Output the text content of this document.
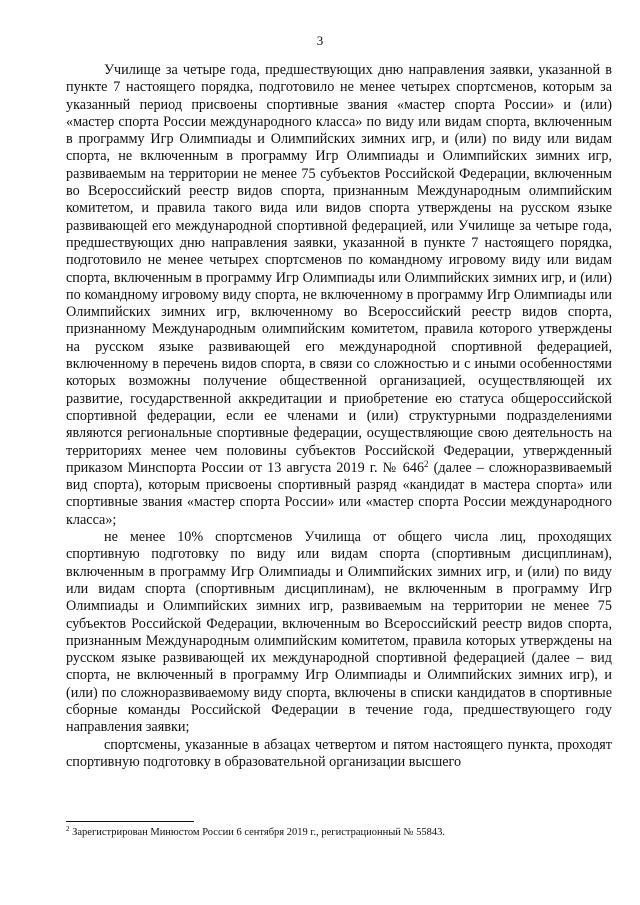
3

Училище за четыре года, предшествующих дню направления заявки, указанной в пункте 7 настоящего порядка, подготовило не менее четырех спортсменов, которым за указанный период присвоены спортивные звания «мастер спорта России» и (или) «мастер спорта России международного класса» по виду или видам спорта, включенным в программу Игр Олимпиады и Олимпийских зимних игр, и (или) по виду или видам спорта, не включенным в программу Игр Олимпиады и Олимпийских зимних игр, развиваемым на территории не менее 75 субъектов Российской Федерации, включенным во Всероссийский реестр видов спорта, признанным Международным олимпийским комитетом, и правила такого вида или видов спорта утверждены на русском языке развивающей его международной спортивной федерацией, или Училище за четыре года, предшествующих дню направления заявки, указанной в пункте 7 настоящего порядка, подготовило не менее четырех спортсменов по командному игровому виду или видам спорта, включенным в программу Игр Олимпиады или Олимпийских зимних игр, и (или) по командному игровому виду спорта, не включенному в программу Игр Олимпиады или Олимпийских зимних игр, включенному во Всероссийский реестр видов спорта, признанному Международным олимпийским комитетом, правила которого утверждены на русском языке развивающей его международной спортивной федерацией, включенному в перечень видов спорта, в связи со сложностью и с иными особенностями которых возможны получение общественной организацией, осуществляющей их развитие, государственной аккредитации и приобретение ею статуса общероссийской спортивной федерации, если ее членами и (или) структурными подразделениями являются региональные спортивные федерации, осуществляющие свою деятельность на территориях менее чем половины субъектов Российской Федерации, утвержденный приказом Минспорта России от 13 августа 2019 г. № $646^2$ (далее – сложноразвиваемый вид спорта), которым присвоены спортивный разряд «кандидат в мастера спорта» или спортивные звания «мастер спорта России» или «мастер спорта России международного класса»;

не менее 10% спортсменов Училища от общего числа лиц, проходящих спортивную подготовку по виду или видам спорта (спортивным дисциплинам), включенным в программу Игр Олимпиады и Олимпийских зимних игр, и (или) по виду или видам спорта (спортивным дисциплинам), не включенным в программу Игр Олимпиады и Олимпийских зимних игр, развиваемым на территории не менее 75 субъектов Российской Федерации, включенным во Всероссийский реестр видов спорта, признанным Международным олимпийским комитетом, правила которых утверждены на русском языке развивающей их международной спортивной федерацией (далее – вид спорта, не включенный в программу Игр Олимпиады и Олимпийских зимних игр), и (или) по сложноразвиваемому виду спорта, включены в списки кандидатов в спортивные сборные команды Российской Федерации в течение года, предшествующего году направления заявки;

спортсмены, указанные в абзацах четвертом и пятом настоящего пункта, проходят спортивную подготовку в образовательной организации высшего

$^2$ Зарегистрирован Минюстом России 6 сентября 2019 г., регистрационный № 55843.
